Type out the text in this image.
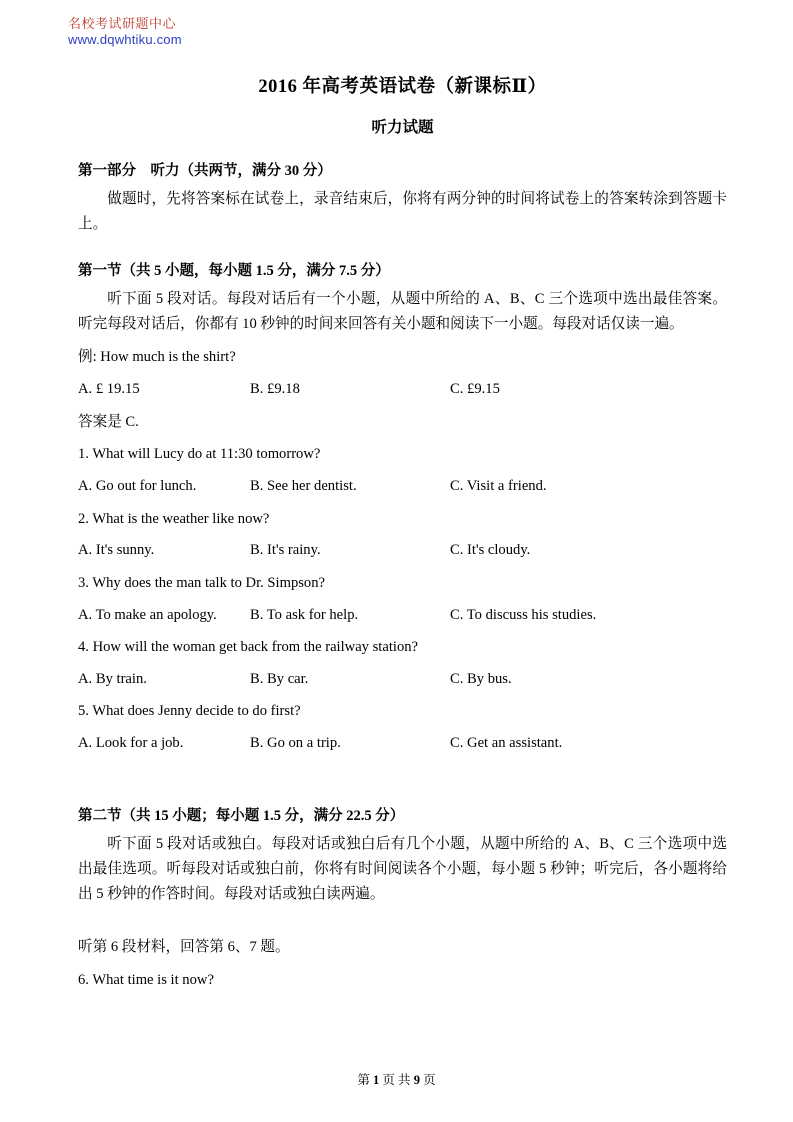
名校考试研题中心
www.dqwhtiku.com
2016 年高考英语试卷（新课标Ⅱ）
听力试题
第一部分　听力（共两节，满分 30 分）
做题时，先将答案标在试卷上，录音结束后，你将有两分钟的时间将试卷上的答案转涂到答题卡上。
第一节（共 5 小题，每小题 1.5 分，满分 7.5 分）
听下面 5 段对话。每段对话后有一个小题，从题中所给的 A、B、C 三个选项中选出最佳答案。听完每段对话后，你都有 10 秒钟的时间来回答有关小题和阅读下一小题。每段对话仅读一遍。
例: How much is the shirt?
A. £ 19.15	B. £9.18	C. £9.15
答案是 C.
1. What will Lucy do at 11:30 tomorrow?
A. Go out for lunch.	B. See her dentist.	C. Visit a friend.
2. What is the weather like now?
A. It's sunny.	B. It's rainy.	C. It's cloudy.
3. Why does the man talk to Dr. Simpson?
A. To make an apology.	B. To ask for help.	C. To discuss his studies.
4. How will the woman get back from the railway station?
A. By train.	B. By car.	C. By bus.
5. What does Jenny decide to do first?
A. Look for a job.	B. Go on a trip.	C. Get an assistant.
第二节（共 15 小题；每小题 1.5 分，满分 22.5 分）
听下面 5 段对话或独白。每段对话或独白后有几个小题，从题中所给的 A、B、C 三个选项中选出最佳选项。听每段对话或独白前，你将有时间阅读各个小题，每小题 5 秒钟；听完后，各小题将给出 5 秒钟的作答时间。每段对话或独白读两遍。
听第 6 段材料，回答第 6、7 题。
6. What time is it now?
第 1 页 共 9 页
